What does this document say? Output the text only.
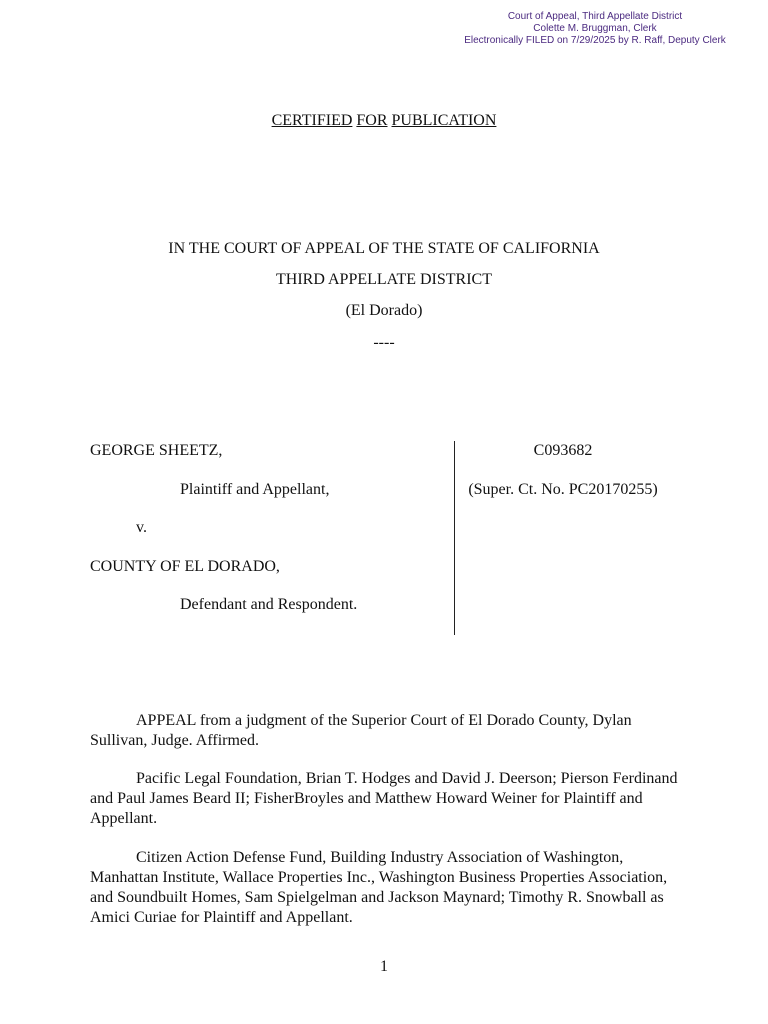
Court of Appeal, Third Appellate District
Colette M. Bruggman, Clerk
Electronically FILED on 7/29/2025 by R. Raff, Deputy Clerk
CERTIFIED FOR PUBLICATION
IN THE COURT OF APPEAL OF THE STATE OF CALIFORNIA
THIRD APPELLATE DISTRICT
(El Dorado)
----
GEORGE SHEETZ,
Plaintiff and Appellant,
v.
COUNTY OF EL DORADO,
Defendant and Respondent.
C093682
(Super. Ct. No. PC20170255)

APPEAL from a judgment of the Superior Court of El Dorado County, Dylan Sullivan, Judge. Affirmed.

Pacific Legal Foundation, Brian T. Hodges and David J. Deerson; Pierson Ferdinand and Paul James Beard II; FisherBroyles and Matthew Howard Weiner for Plaintiff and Appellant.

Citizen Action Defense Fund, Building Industry Association of Washington, Manhattan Institute, Wallace Properties Inc., Washington Business Properties Association, and Soundbuilt Homes, Sam Spielgelman and Jackson Maynard; Timothy R. Snowball as Amici Curiae for Plaintiff and Appellant.

1
